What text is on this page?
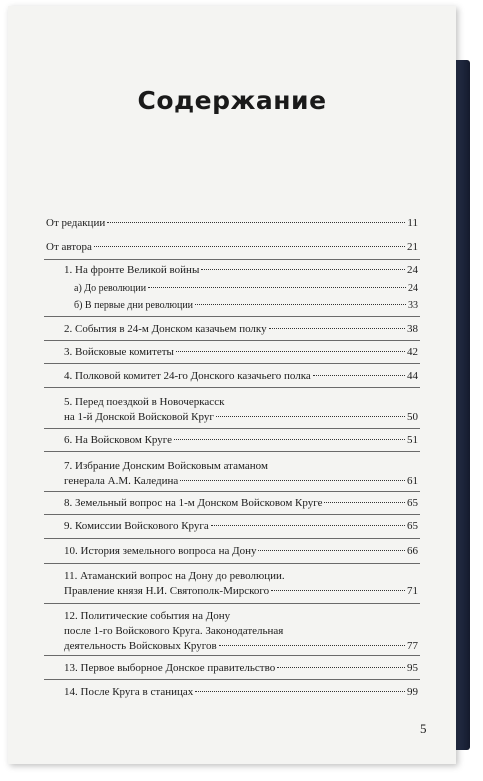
Содержание
От редакции	11
От автора	21
1. На фронте Великой войны	24
а) До революции	24
б) В первые дни революции	33
2. События в 24-м Донском казачьем полку	38
3. Войсковые комитеты	42
4. Полковой комитет 24-го Донского казачьего полка	44
5. Перед поездкой в Новочеркасск
на 1-й Донской Войсковой Круг	50
6. На Войсковом Круге	51
7. Избрание Донским Войсковым атаманом
генерала А.М. Каледина	61
8. Земельный вопрос на 1-м Донском Войсковом Круге	65
9. Комиссии Войскового Круга	65
10. История земельного вопроса на Дону	66
11. Атаманский вопрос на Дону до революции.
Правление князя Н.И. Святополк-Мирского	71
12. Политические события на Дону
после 1-го Войскового Круга. Законодательная
деятельность Войсковых Кругов	77
13. Первое выборное Донское правительство	95
14. После Круга в станицах	99
5
